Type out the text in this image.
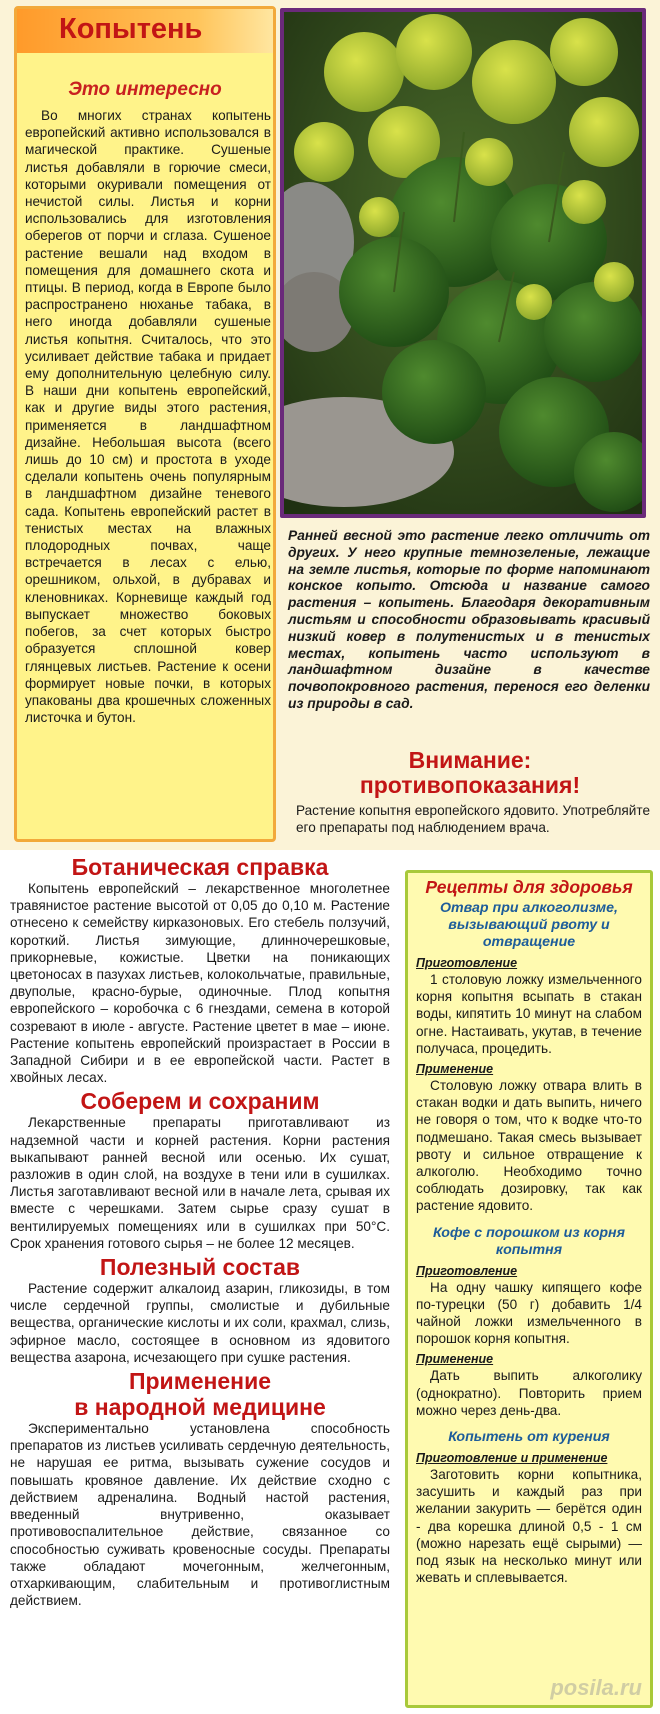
Копытень
Это интересно
Во многих странах копытень европейский активно использовался в магической практике. Сушеные листья добавляли в горючие смеси, которыми окуривали помещения от нечистой силы. Листья и корни использовались для изготовления оберегов от порчи и сглаза. Сушеное растение вешали над входом в помещения для домашнего скота и птицы. В период, когда в Европе было распространено нюханье табака, в него иногда добавляли сушеные листья копытня. Считалось, что это усиливает действие табака и придает ему дополнительную целебную силу. В наши дни копытень европейский, как и другие виды этого растения, применяется в ландшафтном дизайне. Небольшая высота (всего лишь до 10 см) и простота в уходе сделали копытень очень популярным в ландшафтном дизайне теневого сада. Копытень европейский растет в тенистых местах на влажных плодородных почвах, чаще встречается в лесах с елью, орешником, ольхой, в дубравах и кленовниках. Корневище каждый год выпускает множество боковых побегов, за счет которых быстро образуется сплошной ковер глянцевых листьев. Растение к осени формирует новые почки, в которых упакованы два крошечных сложенных листочка и бутон.
Ранней весной это растение легко отличить от других. У него крупные темнозеленые, лежащие на земле листья, которые по форме напоминают конское копыто. Отсюда и название самого растения – копытень. Благодаря декоративным листьям и способности образовывать красивый низкий ковер в полутенистых и в тенистых местах, копытень часто используют в ландшафтном дизайне в качестве почвопокровного растения, перенося его деленки из природы в сад.
Внимание:
противопоказания!
Растение копытня европейского ядовито. Употребляйте его препараты под наблюдением врача.
Ботаническая справка
Копытень европейский – лекарственное многолетнее травянистое растение высотой от 0,05 до 0,10 м. Растение отнесено к семейству кирказоновых. Его стебель ползучий, короткий. Листья зимующие, длинночерешковые, прикорневые, кожистые. Цветки на поникающих цветоносах в пазухах листьев, колокольчатые, правильные, двуполые, красно-бурые, одиночные. Плод копытня европейского – коробочка с 6 гнездами, семена в которой созревают в июле - августе. Растение цветет в мае – июне. Растение копытень европейский произрастает в России в Западной Сибири и в ее европейской части. Растет в хвойных лесах.
Соберем и сохраним
Лекарственные препараты приготавливают из надземной части и корней растения. Корни растения выкапывают ранней весной или осенью. Их сушат, разложив в один слой, на воздухе в тени или в сушилках. Листья заготавливают весной или в начале лета, срывая их вместе с черешками. Затем сырье сразу сушат в вентилируемых помещениях или в сушилках при 50°С. Срок хранения готового сырья – не более 12 месяцев.
Полезный состав
Растение содержит алкалоид азарин, гликозиды, в том числе сердечной группы, смолистые и дубильные вещества, органические кислоты и их соли, крахмал, слизь, эфирное масло, состоящее в основном из ядовитого вещества азарона, исчезающего при сушке растения.
Применение
в народной медицине
Экспериментально установлена способность препаратов из листьев усиливать сердечную деятельность, не нарушая ее ритма, вызывать сужение сосудов и повышать кровяное давление. Их действие сходно с действием адреналина. Водный настой растения, введенный внутривенно, оказывает противовоспалительное действие, связанное со способностью суживать кровеносные сосуды. Препараты также обладают мочегонным, желчегонным, отхаркивающим, слабительным и противоглистным действием.
Рецепты для здоровья
Отвар при алкоголизме, вызывающий рвоту и отвращение
Приготовление
1 столовую ложку измельченного корня копытня всыпать в стакан воды, кипятить 10 минут на слабом огне. Настаивать, укутав, в течение получаса, процедить.
Применение
Столовую ложку отвара влить в стакан водки и дать выпить, ничего не говоря о том, что к водке что-то подмешано. Такая смесь вызывает рвоту и сильное отвращение к алкоголю. Необходимо точно соблюдать дозировку, так как растение ядовито.
Кофе с порошком из корня копытня
Приготовление
На одну чашку кипящего кофе по-турецки (50 г) добавить 1/4 чайной ложки измельченного в порошок корня копытня.
Применение
Дать выпить алкоголику (однократно). Повторить прием можно через день-два.
Копытень от курения
Приготовление и применение
Заготовить корни копытника, засушить и каждый раз при желании закурить — берётся один - два корешка длиной 0,5 - 1 см (можно нарезать ещё сырыми) — под язык на несколько минут или жевать и сплевывается.
posila.ru
